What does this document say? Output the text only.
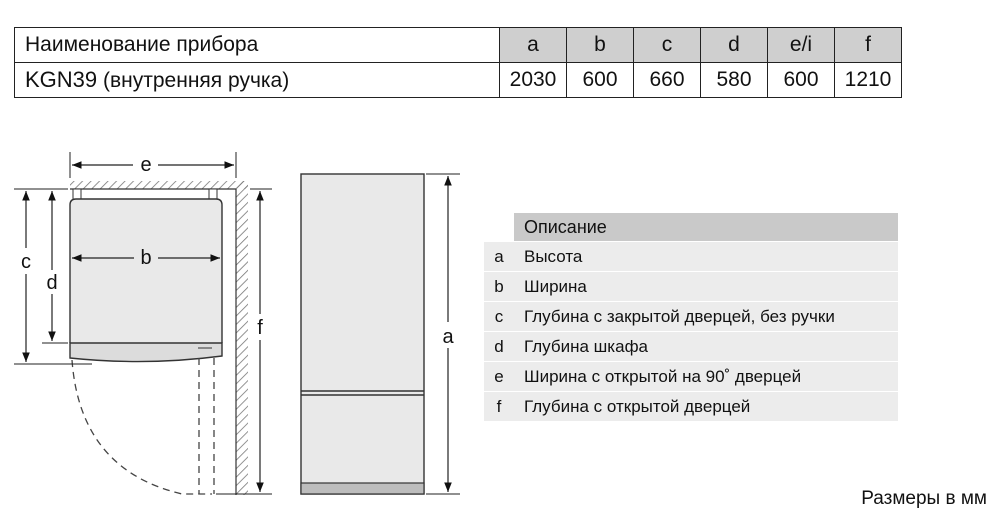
Наименование прибора	a	b	c	d	e/i	f
KGN39 (внутренняя ручка)	2030	600	660	580	600	1210
e
b
c
d
f	a
Описание
a	Высота
b	Ширина
c	Глубина с закрытой дверцей, без ручки
d	Глубина шкафа
e	Ширина с открытой на 90˚ дверцей
f	Глубина с открытой дверцей
Размеры в мм
